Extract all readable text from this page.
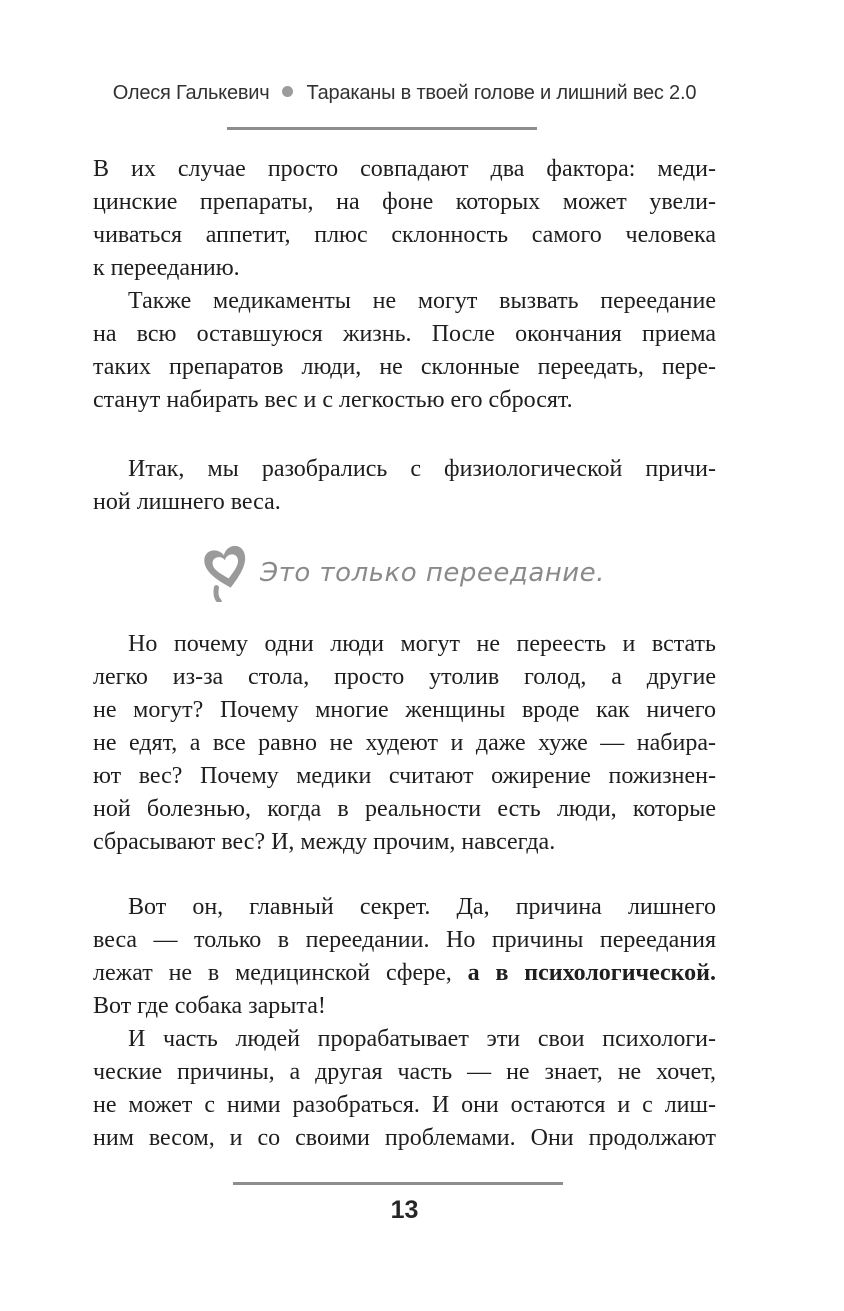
Олеся Галькевич Тараканы в твоей голове и лишний вес 2.0
В их случае просто совпадают два фактора: меди-
цинские препараты, на фоне которых может увели-
чиваться аппетит, плюс склонность самого человека
к перееданию.
Также медикаменты не могут вызвать переедание
на всю оставшуюся жизнь. После окончания приема
таких препаратов люди, не склонные переедать, пере-
станут набирать вес и с легкостью его сбросят.
Итак, мы разобрались с физиологической причи-
ной лишнего веса.
Это только переедание.
Но почему одни люди могут не переесть и встать
легко из-за стола, просто утолив голод, а другие
не могут? Почему многие женщины вроде как ничего
не едят, а все равно не худеют и даже хуже — набира-
ют вес? Почему медики считают ожирение пожизнен-
ной болезнью, когда в реальности есть люди, которые
сбрасывают вес? И, между прочим, навсегда.
Вот он, главный секрет. Да, причина лишнего
веса — только в переедании. Но причины переедания
лежат не в медицинской сфере, а в психологической.
Вот где собака зарыта!
И часть людей прорабатывает эти свои психологи-
ческие причины, а другая часть — не знает, не хочет,
не может с ними разобраться. И они остаются и с лиш-
ним весом, и со своими проблемами. Они продолжают
13
